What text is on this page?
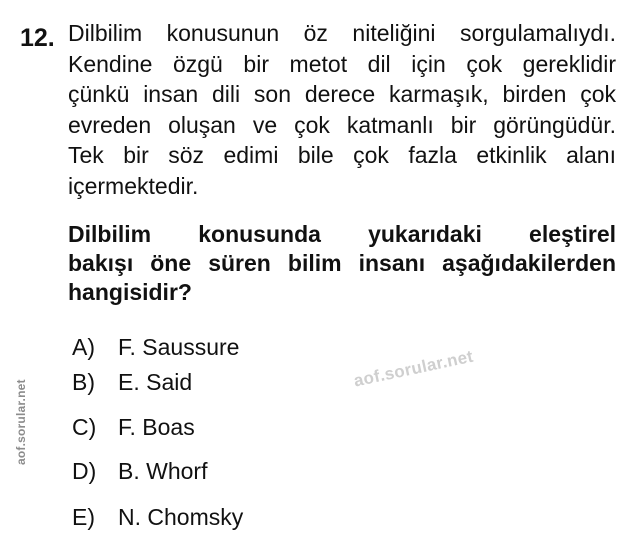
12. Dilbilim konusunun öz niteliğini sorgulamalıydı.
Kendine özgü bir metot dil için çok gereklidir
çünkü insan dili son derece karmaşık, birden çok
evreden oluşan ve çok katmanlı bir görüngüdür.
Tek bir söz edimi bile çok fazla etkinlik alanı
içermektedir.
Dilbilim konusunda yukarıdaki eleştirel
bakışı öne süren bilim insanı aşağıdakilerden
hangisidir?
A) F. Saussure
B) E. Said
C) F. Boas
D) B. Whorf
E) N. Chomsky
aof.sorular.net
aof.sorular.net
